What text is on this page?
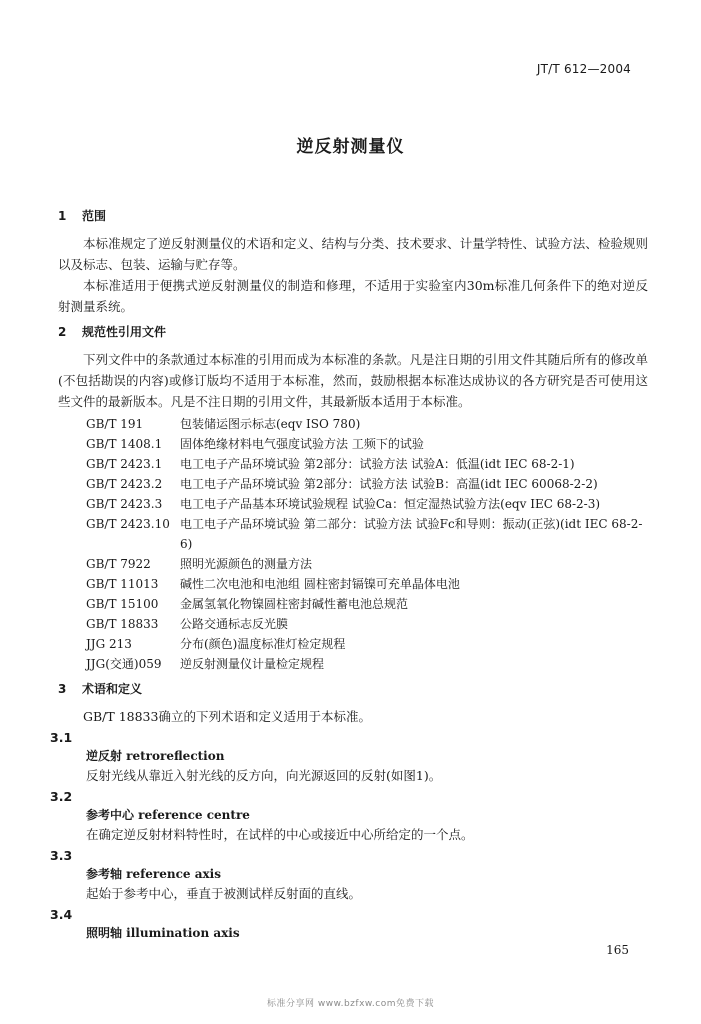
JT/T 612—2004
逆反射测量仪
1 范围

本标准规定了逆反射测量仪的术语和定义、结构与分类、技术要求、计量学特性、试验方法、检验规则以及标志、包装、运输与贮存等。

本标准适用于便携式逆反射测量仪的制造和修理，不适用于实验室内30m标准几何条件下的绝对逆反射测量系统。

2 规范性引用文件

下列文件中的条款通过本标准的引用而成为本标准的条款。凡是注日期的引用文件其随后所有的修改单(不包括勘误的内容)或修订版均不适用于本标准，然而，鼓励根据本标准达成协议的各方研究是否可使用这些文件的最新版本。凡是不注日期的引用文件，其最新版本适用于本标准。

GB/T 191	包装储运图示标志(eqv ISO 780)
GB/T 1408.1	固体绝缘材料电气强度试验方法 工频下的试验
GB/T 2423.1	电工电子产品环境试验 第2部分：试验方法 试验A：低温(idt IEC 68-2-1)
GB/T 2423.2	电工电子产品环境试验 第2部分：试验方法 试验B：高温(idt IEC 60068-2-2)
GB/T 2423.3	电工电子产品基本环境试验规程 试验Ca：恒定湿热试验方法(eqv IEC 68-2-3)
GB/T 2423.10 电工电子产品环境试验 第二部分：试验方法 试验Fc和导则：振动(正弦)(idt IEC 68-2-6)
GB/T 7922	照明光源颜色的测量方法
GB/T 11013	碱性二次电池和电池组 圆柱密封镉镍可充单晶体电池
GB/T 15100	金属氢氧化物镍圆柱密封碱性蓄电池总规范
GB/T 18833	公路交通标志反光膜
JJG 213	分布(颜色)温度标准灯检定规程
JJG(交通)059	逆反射测量仪计量检定规程
3 术语和定义

GB/T 18833确立的下列术语和定义适用于本标准。

3.1
逆反射 retroreflection
反射光线从靠近入射光线的反方向，向光源返回的反射(如图1)。
3.2
参考中心 reference centre
在确定逆反射材料特性时，在试样的中心或接近中心所给定的一个点。
3.3
参考轴 reference axis
起始于参考中心，垂直于被测试样反射面的直线。
3.4
照明轴 illumination axis
165
标准分享网 www.bzfxw.com免费下载
